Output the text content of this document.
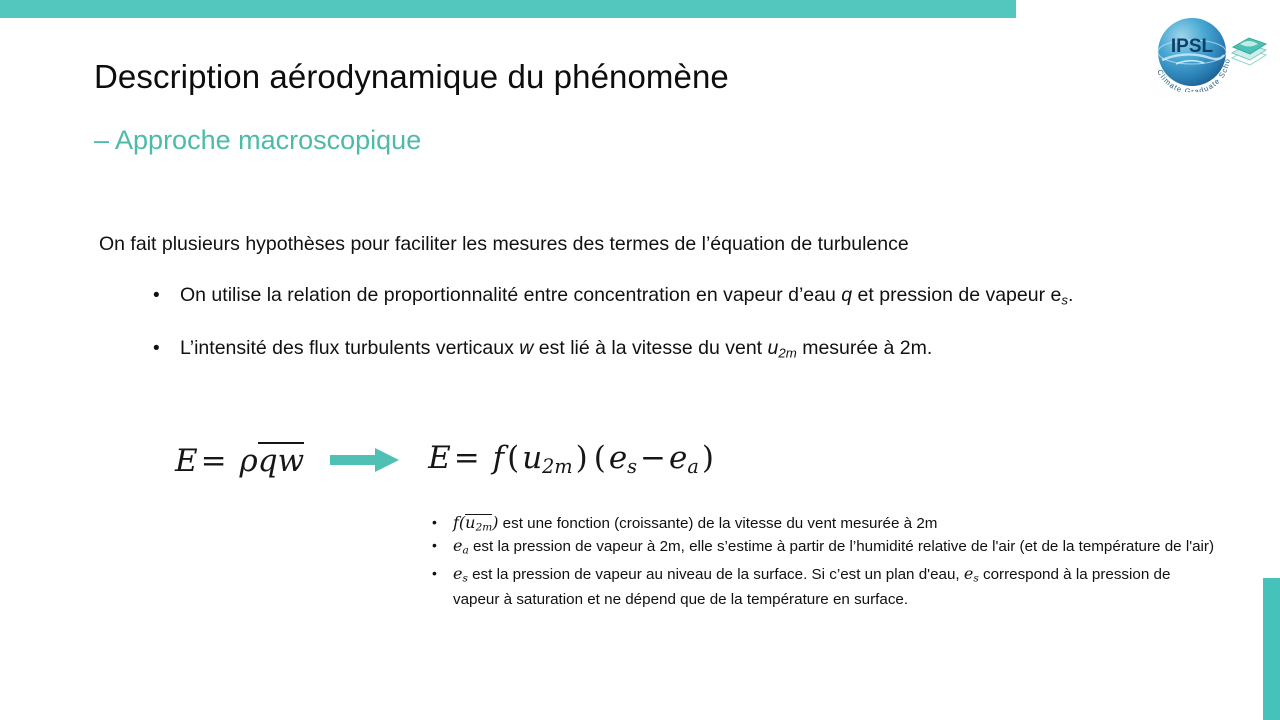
IPSL
Climate Graduate Scho
Description aérodynamique du phénomène
– Approche macroscopique
On fait plusieurs hypothèses pour faciliter les mesures des termes de l’équation de turbulence
• On utilise la relation de proportionnalité entre concentration en vapeur d’eau q et pression de vapeur $e_s$.
• L’intensité des flux turbulents verticaux w est lié à la vitesse du vent $u_{2m}$ mesurée à 2m.
E= ρqw	$E= f(u_{2m})$ $(e_s-e_a)$
• $f(u_{2m})$ est une fonction (croissante) de la vitesse du vent mesurée à 2m
• $e_a$ est la pression de vapeur à 2m, elle s’estime à partir de l’humidité relative de l'air (et de la température de l'air)
• $e_s$ est la pression de vapeur au niveau de la surface. Si c’est un plan d'eau, $e_s$ correspond à la pression de vapeur à saturation et ne dépend que de la température en surface.
